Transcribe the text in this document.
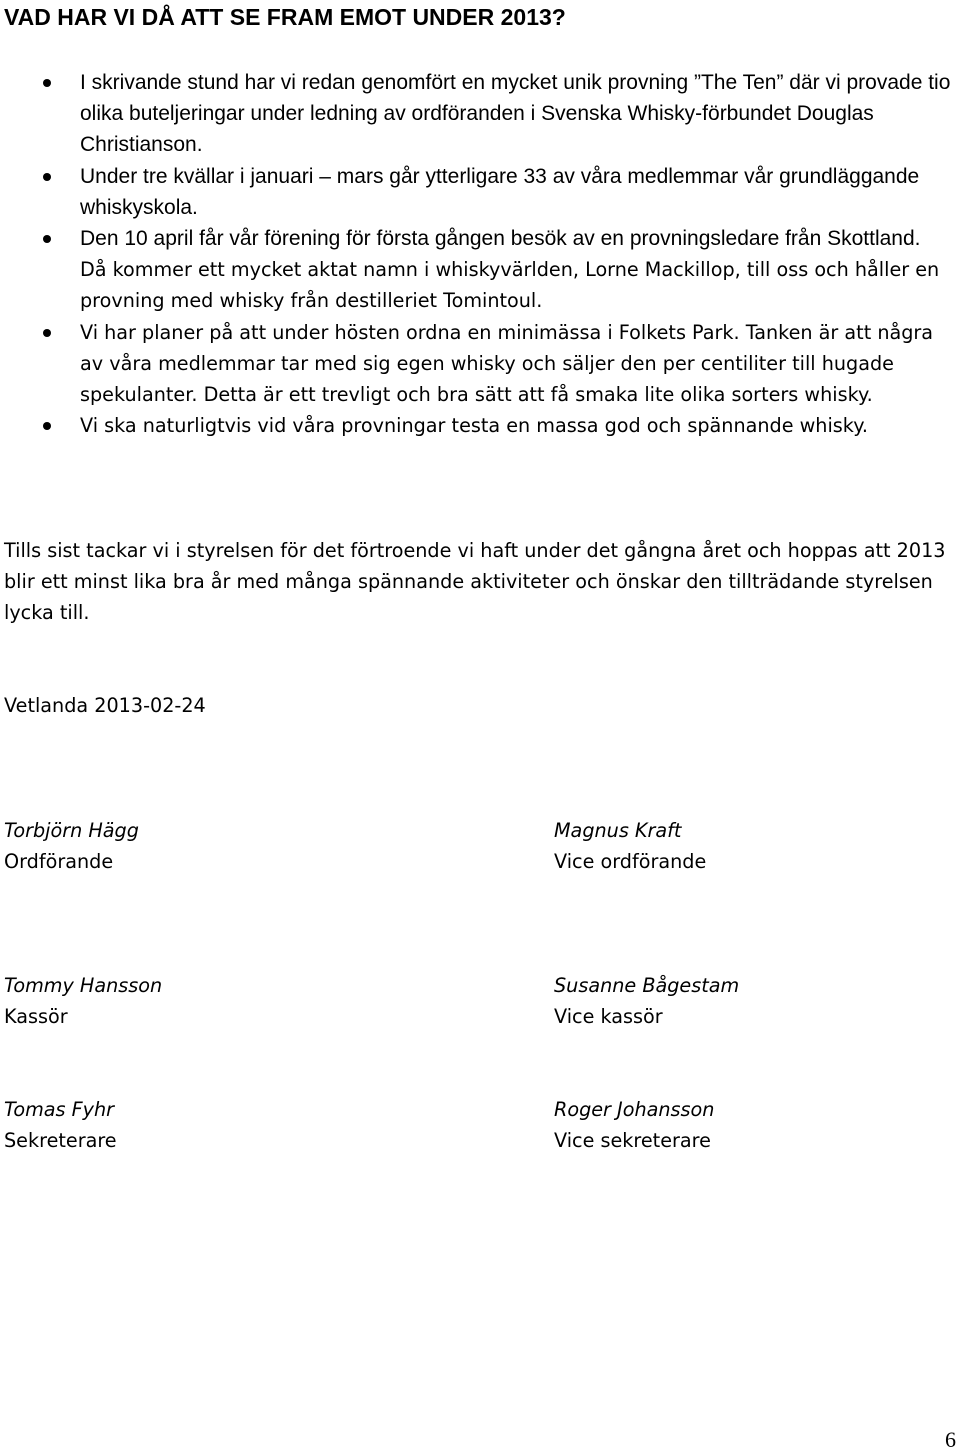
VAD HAR VI DÅ ATT SE FRAM EMOT UNDER 2013?
I skrivande stund har vi redan genomfört en mycket unik provning ”The Ten” där vi provade tio olika buteljeringar under ledning av ordföranden i Svenska Whisky-förbundet Douglas Christianson.
Under tre kvällar i januari – mars går ytterligare 33 av våra medlemmar vår grundläggande whiskyskola.
Den 10 april får vår förening för första gången besök av en provningsledare från Skottland. Då kommer ett mycket aktat namn i whiskyvärlden, Lorne Mackillop, till oss och håller en provning med whisky från destilleriet Tomintoul.
Vi har planer på att under hösten ordna en minimässa i Folkets Park. Tanken är att några av våra medlemmar tar med sig egen whisky och säljer den per centiliter till hugade spekulanter. Detta är ett trevligt och bra sätt att få smaka lite olika sorters whisky.
Vi ska naturligtvis vid våra provningar testa en massa god och spännande whisky.

Tills sist tackar vi i styrelsen för det förtroende vi haft under det gångna året och hoppas att 2013 blir ett minst lika bra år med många spännande aktiviteter och önskar den tillträdande styrelsen lycka till.

Vetlanda 2013-02-24

Torbjörn Hägg
Ordförande
Magnus Kraft
Vice ordförande
Tommy Hansson
Kassör
Susanne Bågestam
Vice kassör
Tomas Fyhr
Sekreterare
Roger Johansson
Vice sekreterare
6
